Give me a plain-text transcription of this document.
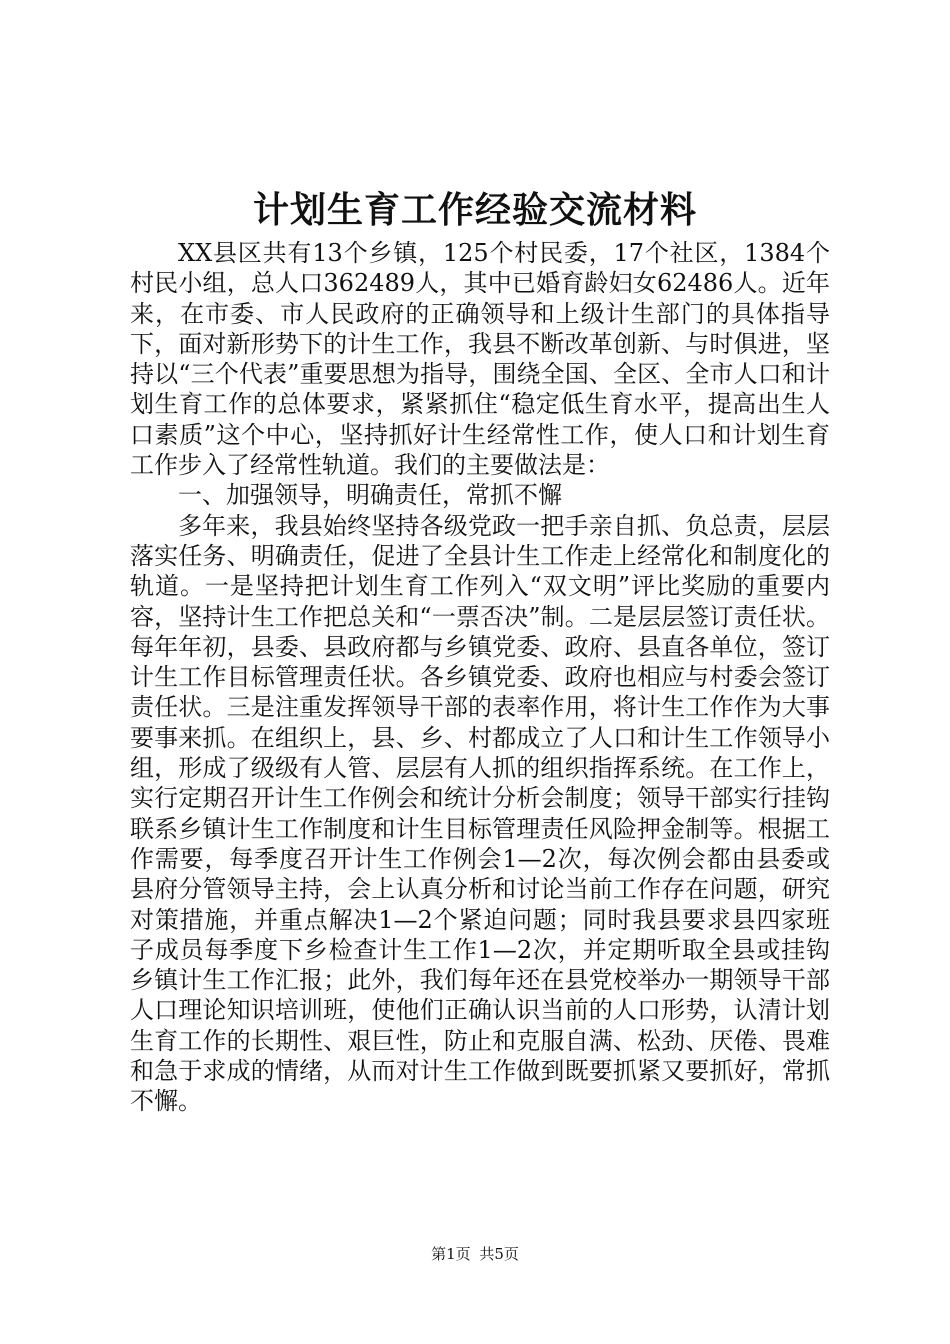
计划生育工作经验交流材料

XX县区共有13个乡镇，125个村民委，17个社区，1384个村民小组，总人口362489人，其中已婚育龄妇女62486人。近年来，在市委、市人民政府的正确领导和上级计生部门的具体指导下，面对新形势下的计生工作，我县不断改革创新、与时俱进，坚持以“三个代表”重要思想为指导，围绕全国、全区、全市人口和计划生育工作的总体要求，紧紧抓住“稳定低生育水平，提高出生人口素质”这个中心，坚持抓好计生经常性工作，使人口和计划生育工作步入了经常性轨道。我们的主要做法是：

一、加强领导，明确责任，常抓不懈

多年来，我县始终坚持各级党政一把手亲自抓、负总责，层层落实任务、明确责任，促进了全县计生工作走上经常化和制度化的轨道。一是坚持把计划生育工作列入“双文明”评比奖励的重要内容，坚持计生工作把总关和“一票否决”制。二是层层签订责任状。每年年初，县委、县政府都与乡镇党委、政府、县直各单位，签订计生工作目标管理责任状。各乡镇党委、政府也相应与村委会签订责任状。三是注重发挥领导干部的表率作用，将计生工作作为大事要事来抓。在组织上，县、乡、村都成立了人口和计生工作领导小组，形成了级级有人管、层层有人抓的组织指挥系统。在工作上，实行定期召开计生工作例会和统计分析会制度；领导干部实行挂钩联系乡镇计生工作制度和计生目标管理责任风险押金制等。根据工作需要，每季度召开计生工作例会1—2次，每次例会都由县委或县府分管领导主持，会上认真分析和讨论当前工作存在问题，研究对策措施，并重点解决1—2个紧迫问题；同时我县要求县四家班子成员每季度下乡检查计生工作1—2次，并定期听取全县或挂钩乡镇计生工作汇报；此外，我们每年还在县党校举办一期领导干部人口理论知识培训班，使他们正确认识当前的人口形势，认清计划生育工作的长期性、艰巨性，防止和克服自满、松劲、厌倦、畏难和急于求成的情绪，从而对计生工作做到既要抓紧又要抓好，常抓不懈。

第1页 共5页
